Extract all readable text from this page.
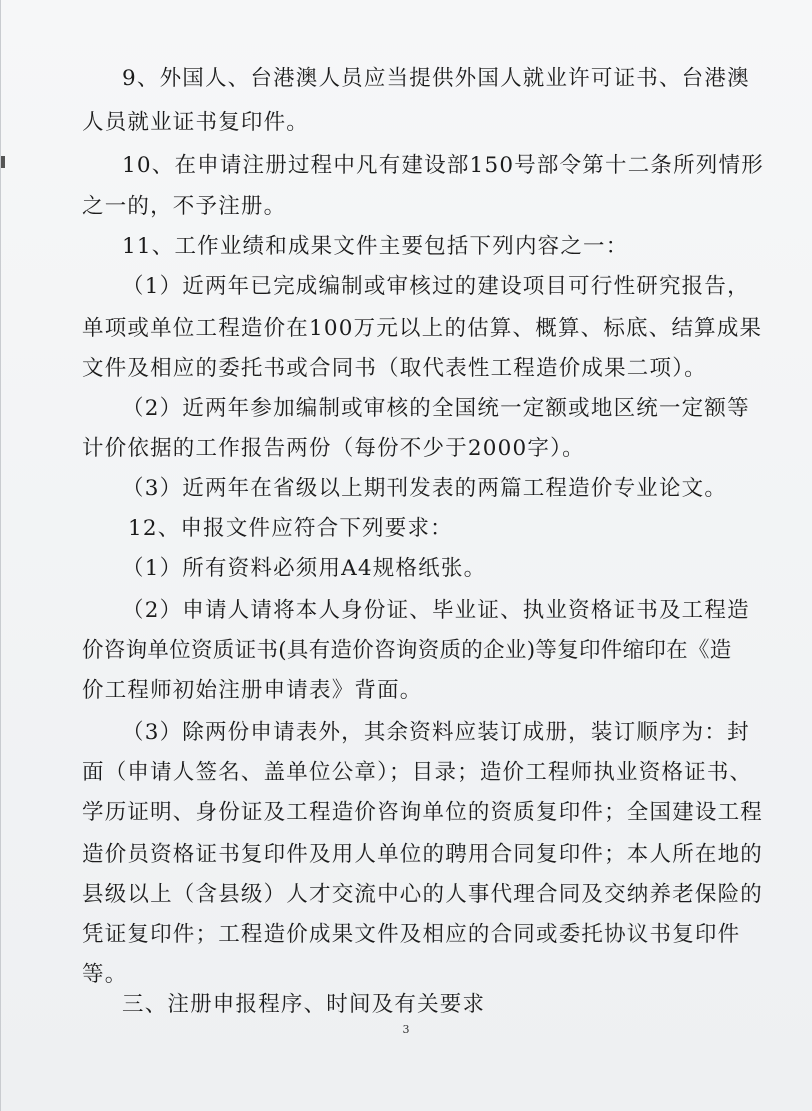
9、外国人、台港澳人员应当提供外国人就业许可证书、台港澳
人员就业证书复印件。
10、在申请注册过程中凡有建设部150号部令第十二条所列情形
之一的，不予注册。
11、工作业绩和成果文件主要包括下列内容之一：
（1）近两年已完成编制或审核过的建设项目可行性研究报告，
单项或单位工程造价在100万元以上的估算、概算、标底、结算成果
文件及相应的委托书或合同书（取代表性工程造价成果二项）。
（2）近两年参加编制或审核的全国统一定额或地区统一定额等
计价依据的工作报告两份（每份不少于2000字）。
（3）近两年在省级以上期刊发表的两篇工程造价专业论文。
12、申报文件应符合下列要求：
（1）所有资料必须用A4规格纸张。
（2）申请人请将本人身份证、毕业证、执业资格证书及工程造
价咨询单位资质证书(具有造价咨询资质的企业)等复印件缩印在《造
价工程师初始注册申请表》背面。
（3）除两份申请表外，其余资料应装订成册，装订顺序为：封
面（申请人签名、盖单位公章）；目录；造价工程师执业资格证书、
学历证明、身份证及工程造价咨询单位的资质复印件；全国建设工程
造价员资格证书复印件及用人单位的聘用合同复印件；本人所在地的
县级以上（含县级）人才交流中心的人事代理合同及交纳养老保险的
凭证复印件；工程造价成果文件及相应的合同或委托协议书复印件
等。
三、注册申报程序、时间及有关要求
3
